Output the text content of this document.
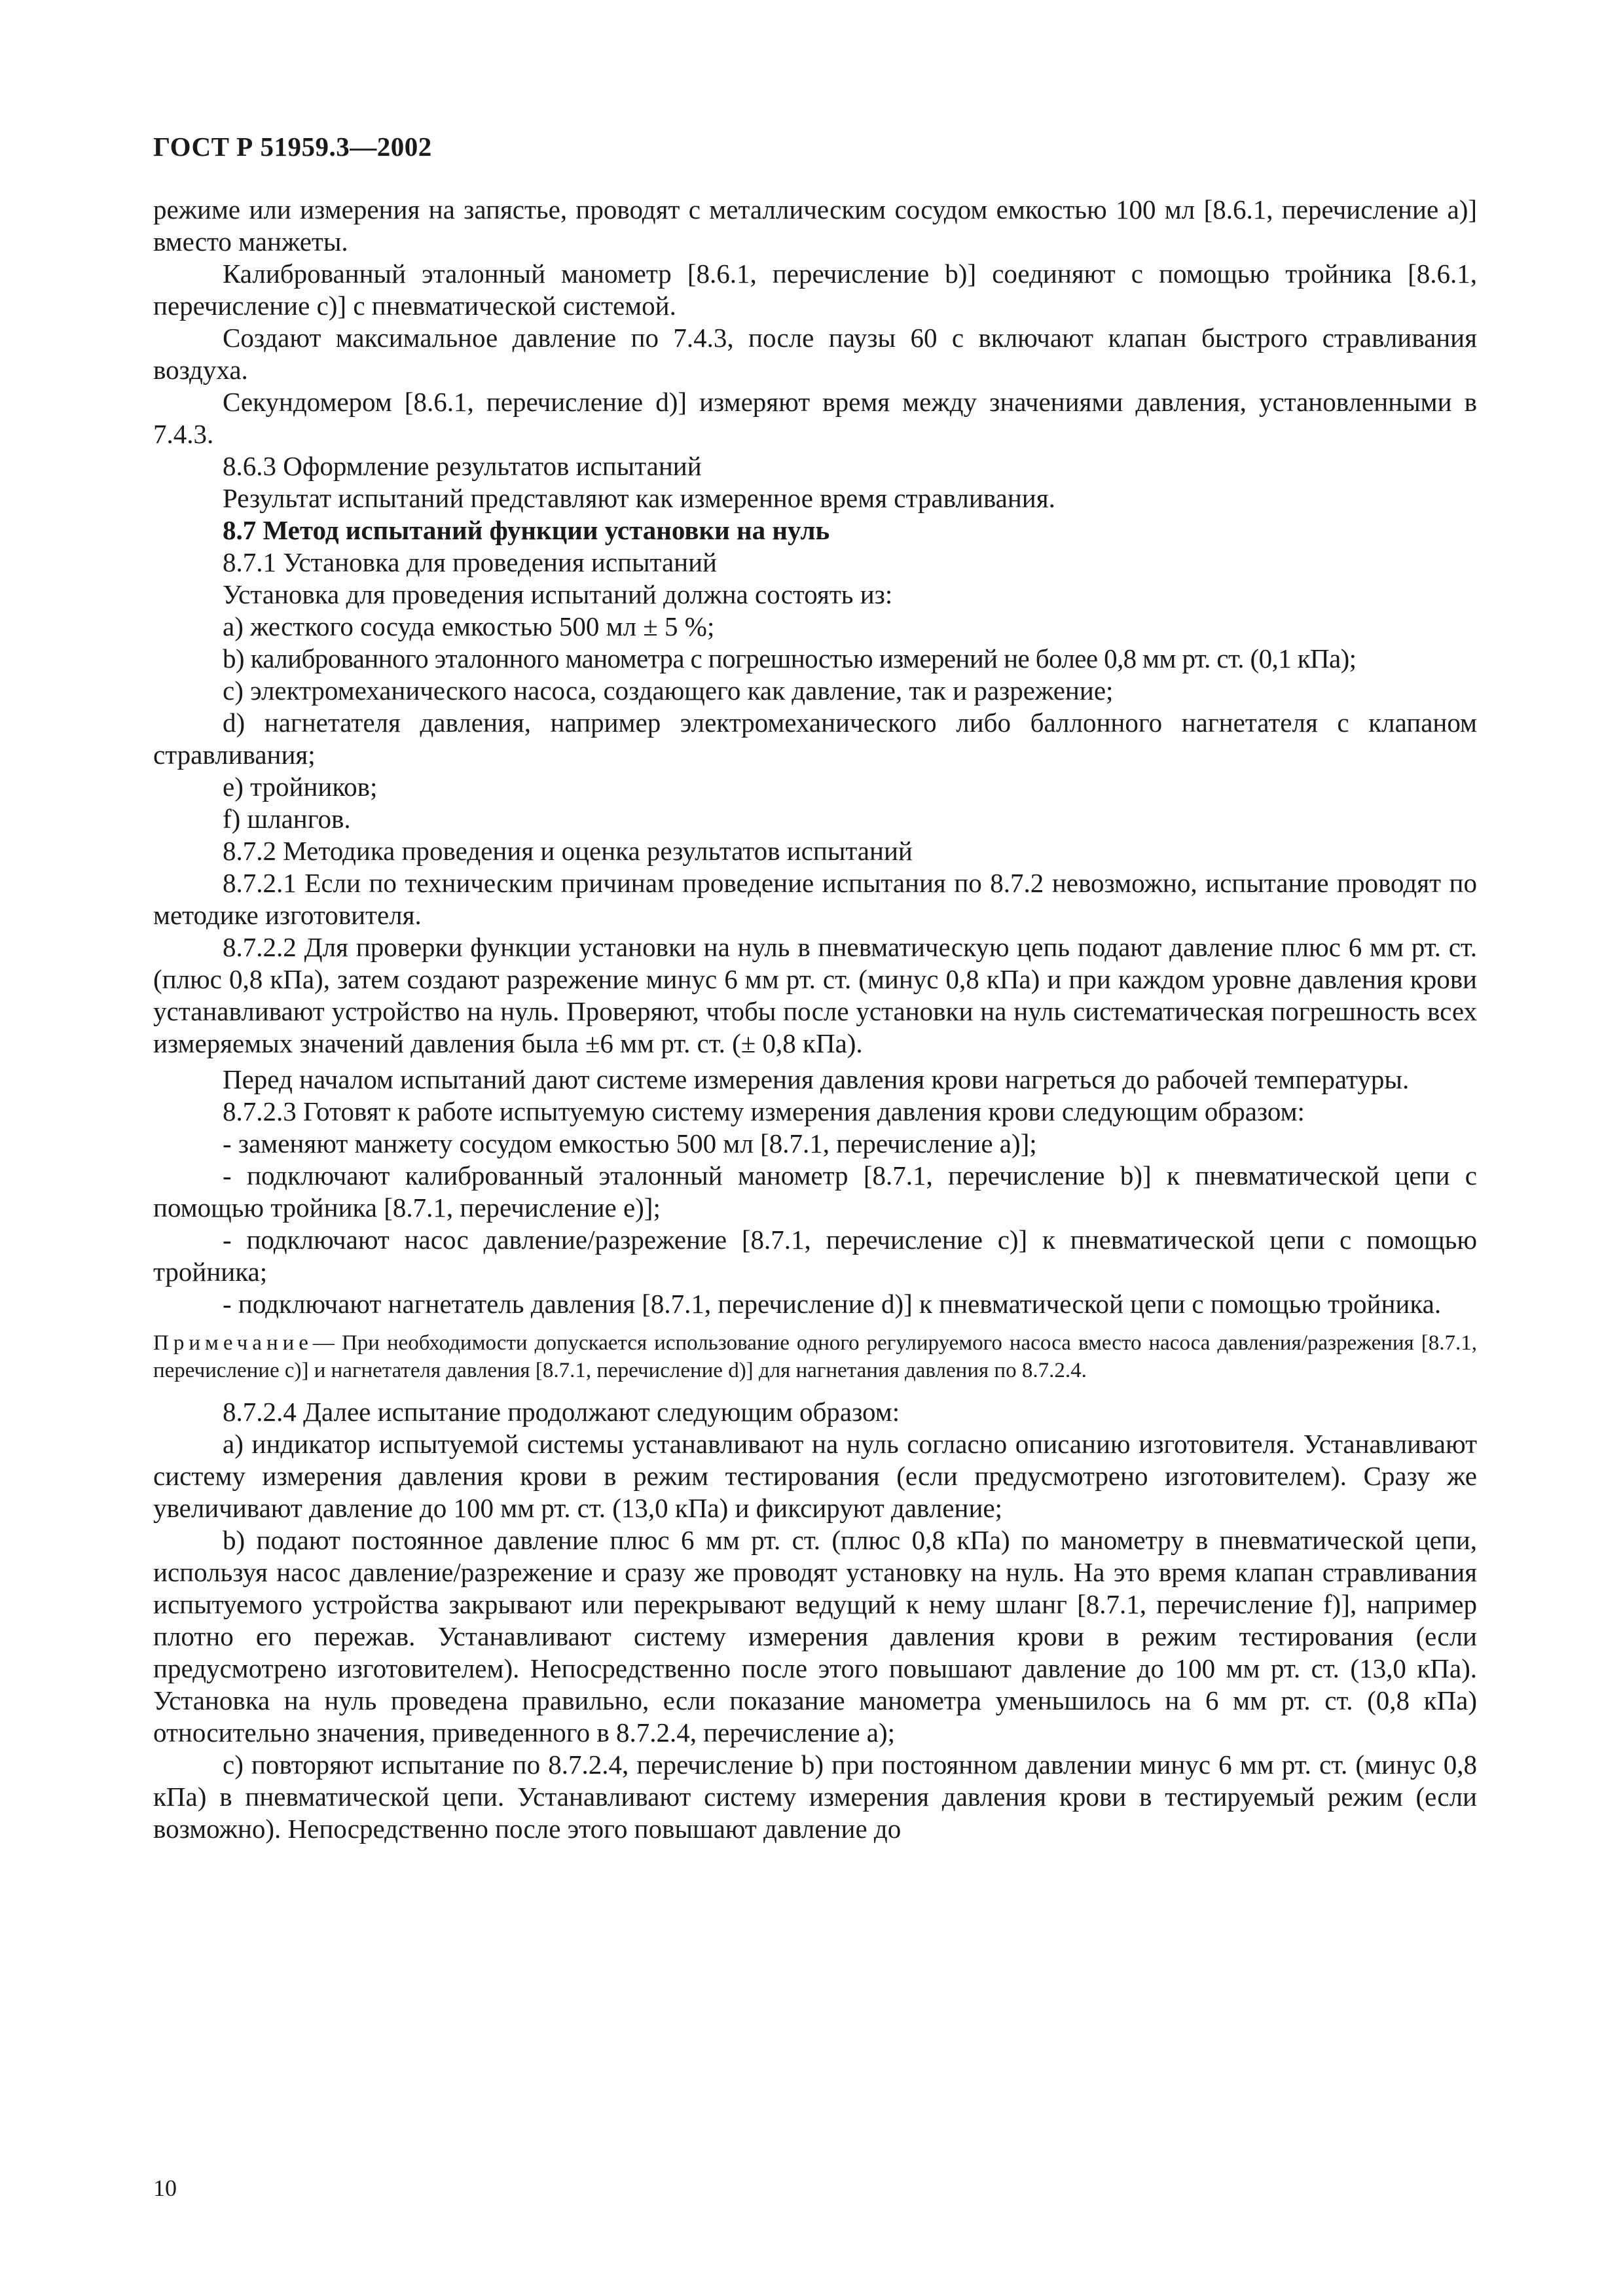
ГОСТ Р 51959.3—2002

режиме или измерения на запястье, проводят с металлическим сосудом емкостью 100 мл [8.6.1, перечисление а)] вместо манжеты.

Калиброванный эталонный манометр [8.6.1, перечисление b)] соединяют с помощью тройника [8.6.1, перечисление с)] с пневматической системой.

Создают максимальное давление по 7.4.3, после паузы 60 с включают клапан быстрого стравливания воздуха.

Секундомером [8.6.1, перечисление d)] измеряют время между значениями давления, установленными в 7.4.3.

8.6.3 Оформление результатов испытаний

Результат испытаний представляют как измеренное время стравливания.

8.7 Метод испытаний функции установки на нуль

8.7.1 Установка для проведения испытаний

Установка для проведения испытаний должна состоять из:

а) жесткого сосуда емкостью 500 мл ± 5 %;

b) калиброванного эталонного манометра с погрешностью измерений не более 0,8 мм рт. ст. (0,1 кПа);

с) электромеханического насоса, создающего как давление, так и разрежение;

d) нагнетателя давления, например электромеханического либо баллонного нагнетателя с клапаном стравливания;

е) тройников;

f) шлангов.

8.7.2 Методика проведения и оценка результатов испытаний

8.7.2.1 Если по техническим причинам проведение испытания по 8.7.2 невозможно, испытание проводят по методике изготовителя.

8.7.2.2 Для проверки функции установки на нуль в пневматическую цепь подают давление плюс 6 мм рт. ст. (плюс 0,8 кПа), затем создают разрежение минус 6 мм рт. ст. (минус 0,8 кПа) и при каждом уровне давления крови устанавливают устройство на нуль. Проверяют, чтобы после установки на нуль систематическая погрешность всех измеряемых значений давления была ±6 мм рт. ст. (± 0,8 кПа).

Перед началом испытаний дают системе измерения давления крови нагреться до рабочей температуры.

8.7.2.3 Готовят к работе испытуемую систему измерения давления крови следующим образом:

- заменяют манжету сосудом емкостью 500 мл [8.7.1, перечисление а)];

- подключают калиброванный эталонный манометр [8.7.1, перечисление b)] к пневматической цепи с помощью тройника [8.7.1, перечисление е)];

- подключают насос давление/разрежение [8.7.1, перечисление с)] к пневматической цепи с помощью тройника;

- подключают нагнетатель давления [8.7.1, перечисление d)] к пневматической цепи с помощью тройника.

Примечание— При необходимости допускается использование одного регулируемого насоса вместо насоса давления/разрежения [8.7.1, перечисление с)] и нагнетателя давления [8.7.1, перечисление d)] для нагнетания давления по 8.7.2.4.

8.7.2.4 Далее испытание продолжают следующим образом:

а) индикатор испытуемой системы устанавливают на нуль согласно описанию изготовителя. Устанавливают систему измерения давления крови в режим тестирования (если предусмотрено изготовителем). Сразу же увеличивают давление до 100 мм рт. ст. (13,0 кПа) и фиксируют давление;

b) подают постоянное давление плюс 6 мм рт. ст. (плюс 0,8 кПа) по манометру в пневматической цепи, используя насос давление/разрежение и сразу же проводят установку на нуль. На это время клапан стравливания испытуемого устройства закрывают или перекрывают ведущий к нему шланг [8.7.1, перечисление f)], например плотно его пережав. Устанавливают систему измерения давления крови в режим тестирования (если предусмотрено изготовителем). Непосредственно после этого повышают давление до 100 мм рт. ст. (13,0 кПа). Установка на нуль проведена правильно, если показание манометра уменьшилось на 6 мм рт. ст. (0,8 кПа) относительно значения, приведенного в 8.7.2.4, перечисление а);

с) повторяют испытание по 8.7.2.4, перечисление b) при постоянном давлении минус 6 мм рт. ст. (минус 0,8 кПа) в пневматической цепи. Устанавливают систему измерения давления крови в тестируемый режим (если возможно). Непосредственно после этого повышают давление до

10
